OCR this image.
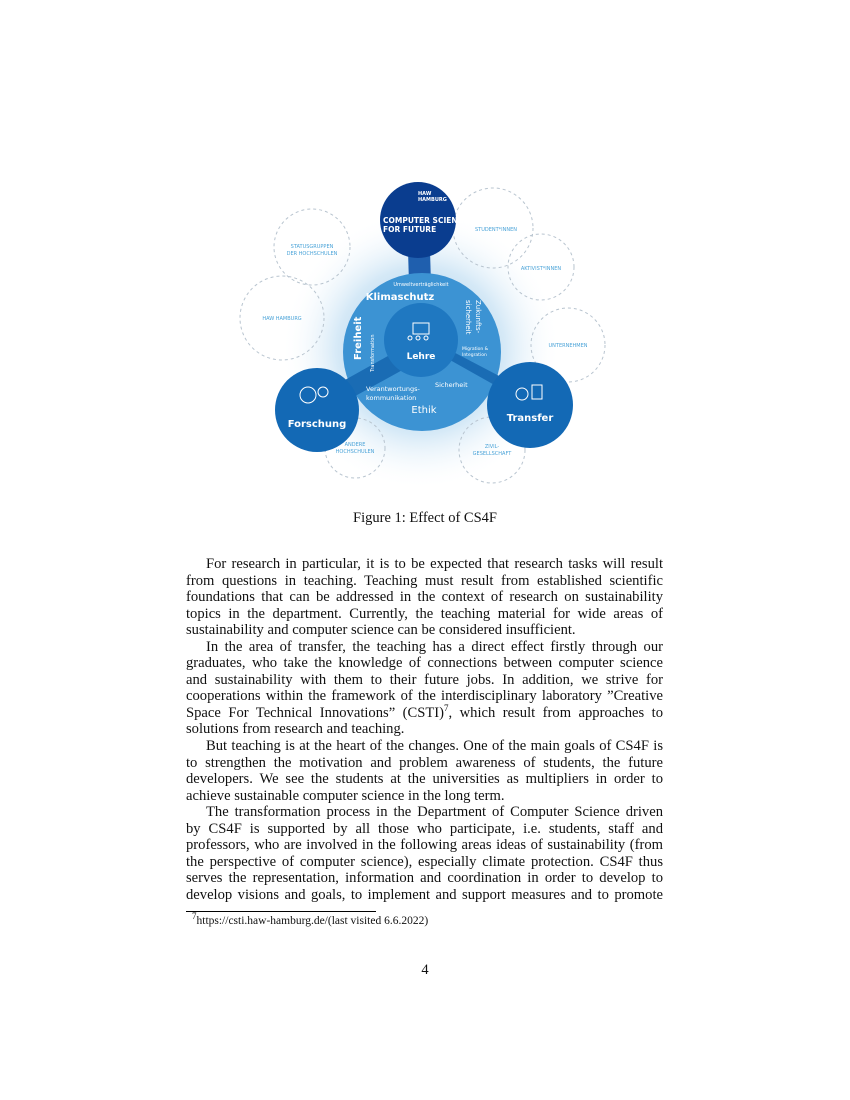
HAW
HAMBURG
COMPUTER SCIENCE
FOR FUTURE
Lehre
Forschung
Transfer
Umweltverträglichkeit
Klimaschutz
Zukunfts-
sicherheit
Migration &
Integration
Freiheit Transformation
Verantwortungs-
kommunikation
Sicherheit
Ethik
STATUSGRUPPEN
DER HOCHSCHULEN
HAW HAMBURG
STUDENT*INNEN
AKTIVIST*INNEN
UNTERNEHMEN
ZIVIL-
GESELLSCHAFT
ANDERE
HOCHSCHULEN
Figure 1: Effect of CS4F
For research in particular, it is to be expected that research tasks will result
from questions in teaching. Teaching must result from established scientific
foundations that can be addressed in the context of research on sustainability
topics in the department. Currently, the teaching material for wide areas of
sustainability and computer science can be considered insufficient.
In the area of transfer, the teaching has a direct effect firstly through our
graduates, who take the knowledge of connections between computer science
and sustainability with them to their future jobs. In addition, we strive for
cooperations within the framework of the interdisciplinary laboratory ”Creative
Space For Technical Innovations” (CSTI)$^7$, which result from approaches to
solutions from research and teaching.
But teaching is at the heart of the changes. One of the main goals of CS4F is
to strengthen the motivation and problem awareness of students, the future
developers. We see the students at the universities as multipliers in order to
achieve sustainable computer science in the long term.
The transformation process in the Department of Computer Science driven
by CS4F is supported by all those who participate, i.e. students, staff and
professors, who are involved in the following areas ideas of sustainability (from
the perspective of computer science), especially climate protection. CS4F thus
serves the representation, information and coordination in order to develop to
develop visions and goals, to implement and support measures and to promote
$^7$https://csti.haw-hamburg.de/(last visited 6.6.2022)
4
